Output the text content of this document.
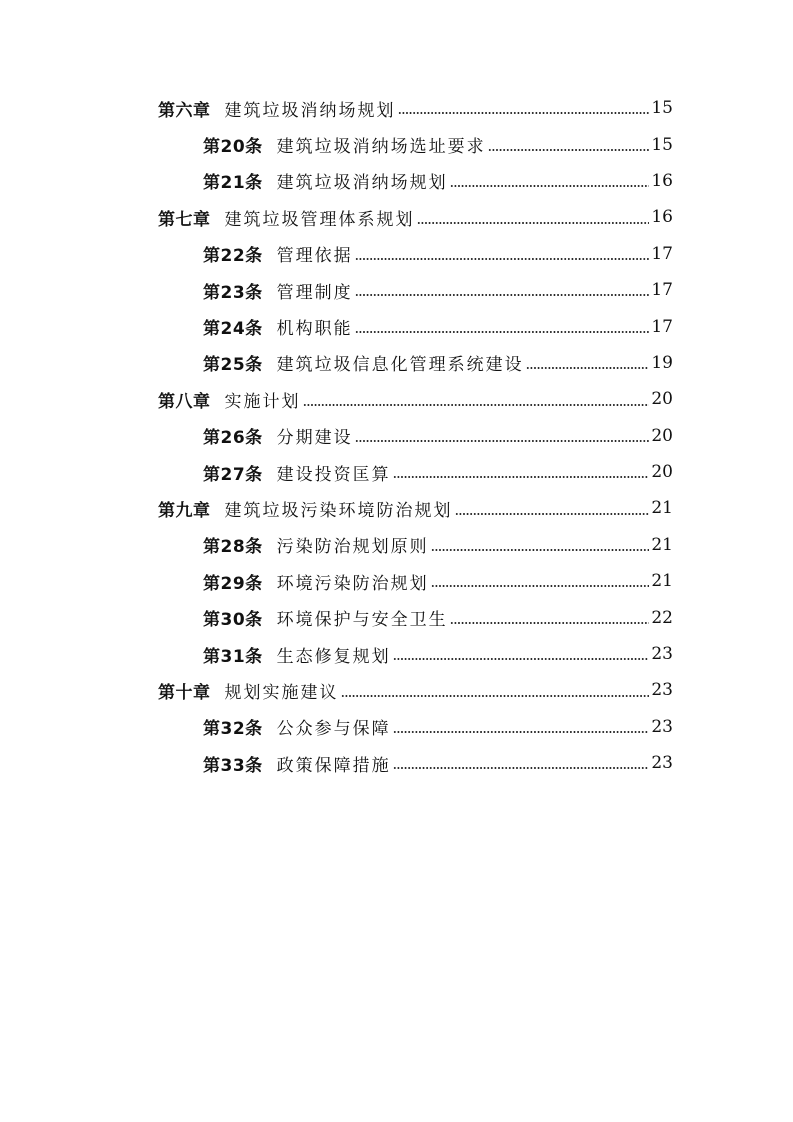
第六章 建筑垃圾消纳场规划	15
第20条 建筑垃圾消纳场选址要求	15
第21条 建筑垃圾消纳场规划	16
第七章 建筑垃圾管理体系规划	16
第22条 管理依据	17
第23条 管理制度	17
第24条 机构职能	17
第25条 建筑垃圾信息化管理系统建设	19
第八章 实施计划	20
第26条 分期建设	20
第27条 建设投资匡算	20
第九章 建筑垃圾污染环境防治规划	21
第28条 污染防治规划原则	21
第29条 环境污染防治规划	21
第30条 环境保护与安全卫生	22
第31条 生态修复规划	23
第十章 规划实施建议	23
第32条 公众参与保障	23
第33条 政策保障措施	23
